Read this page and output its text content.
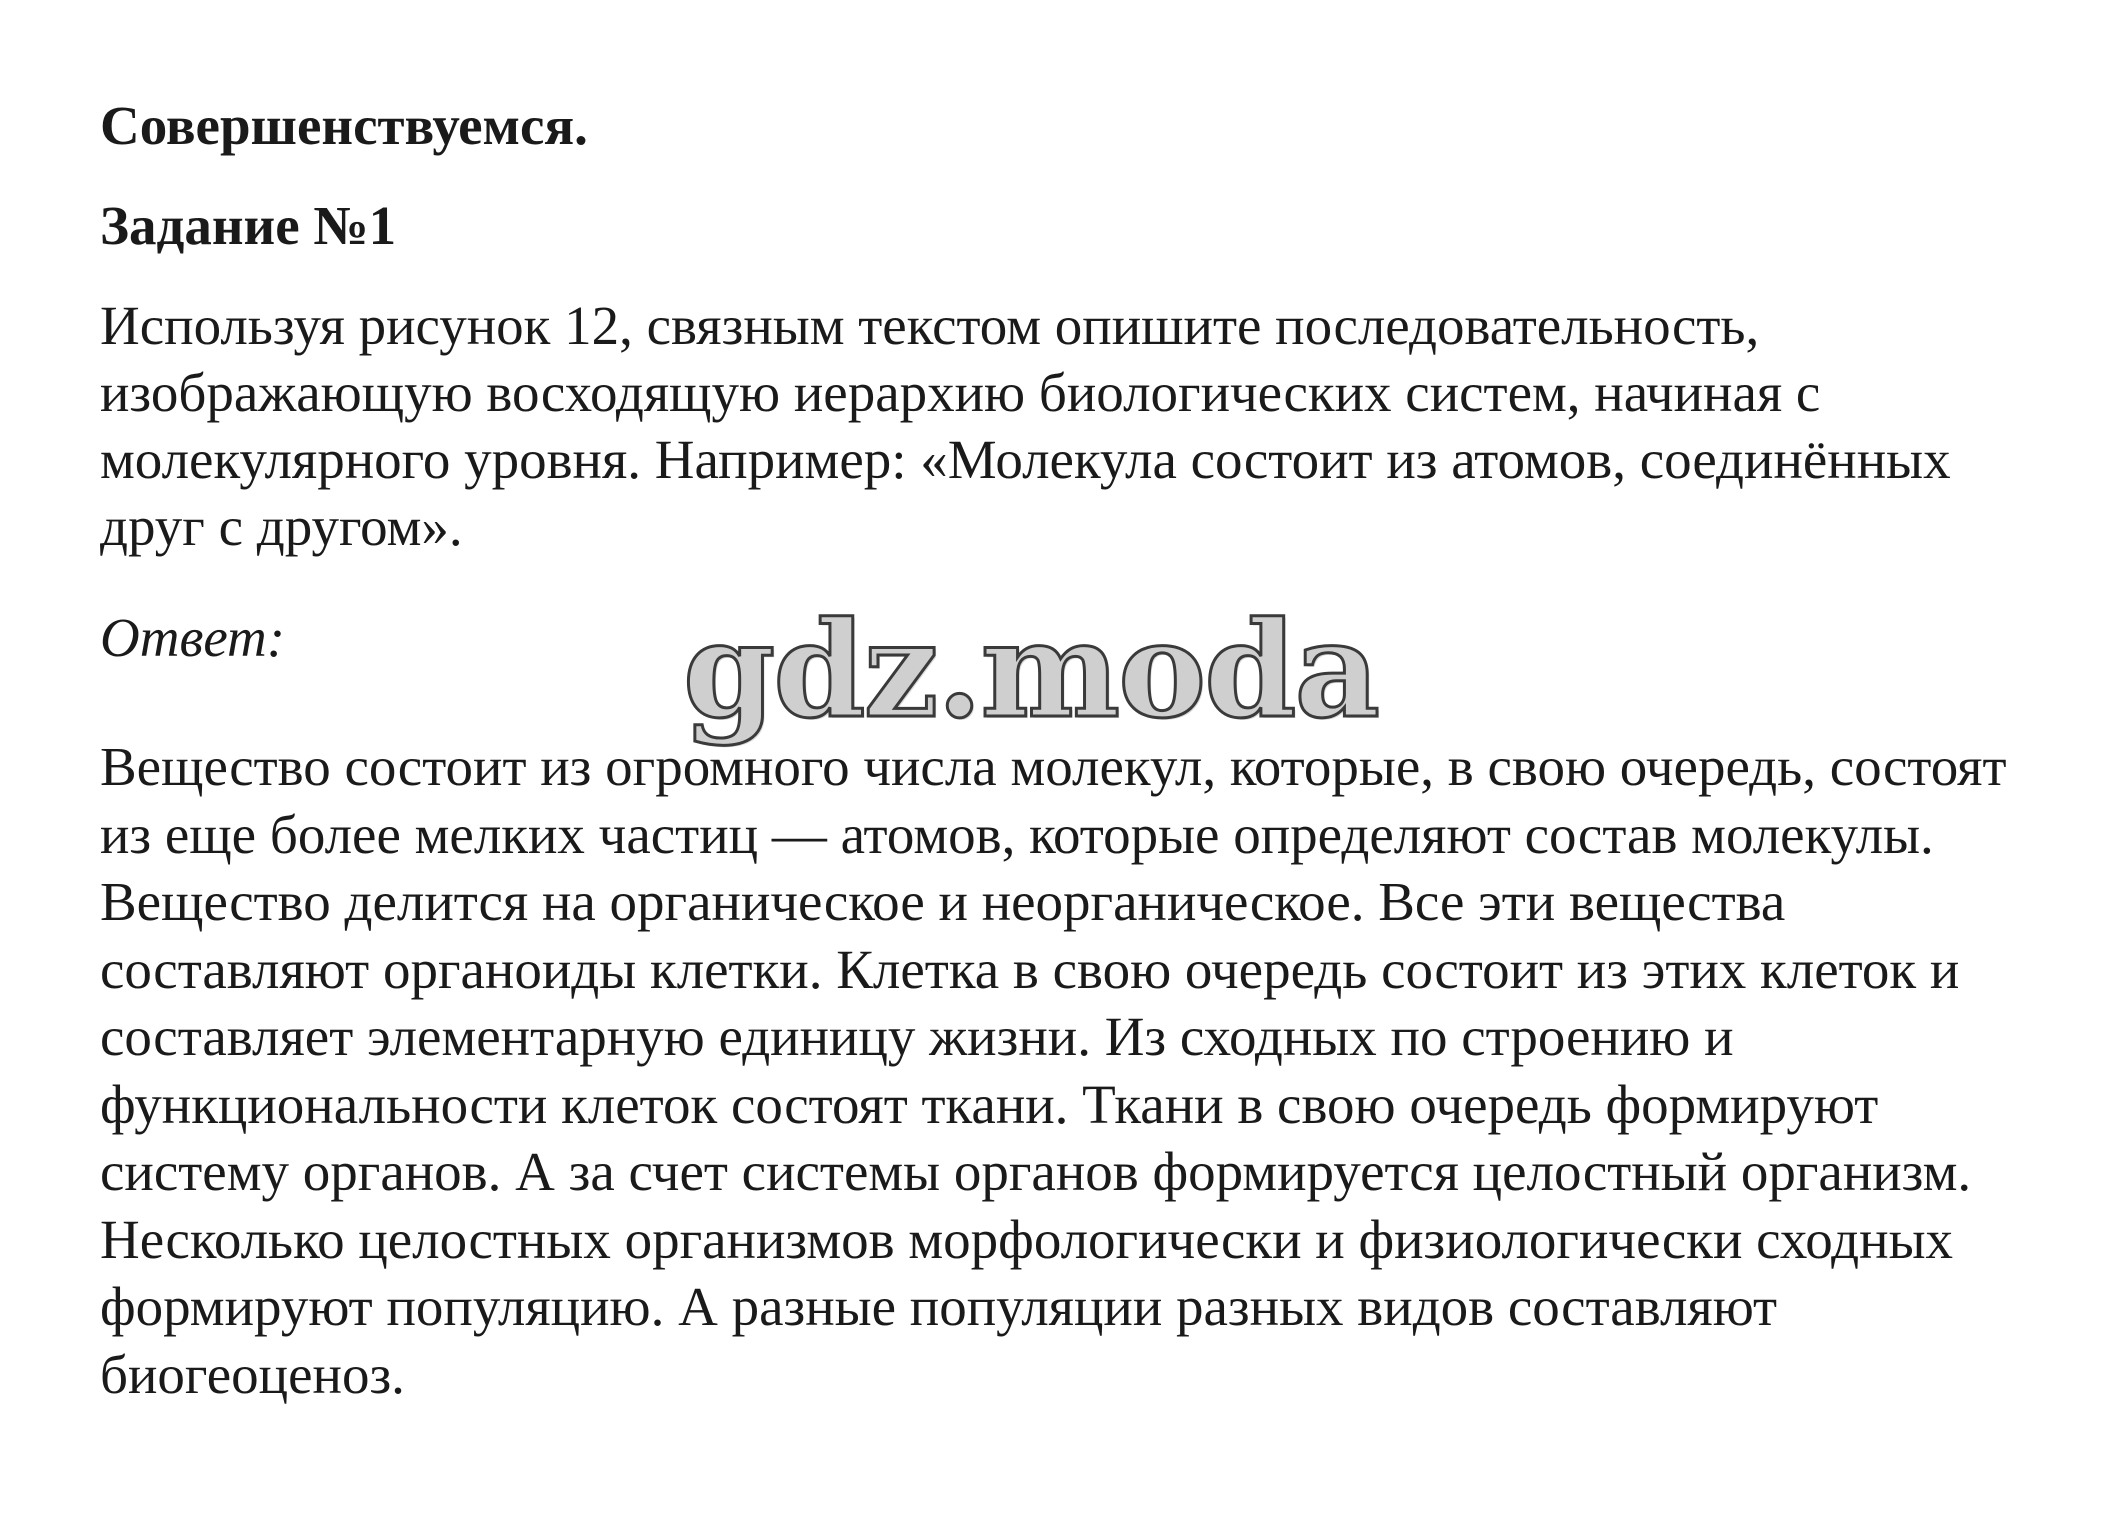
Совершенствуемся.
Задание №1

Используя рисунок 12, связным текстом опишите последовательность, изображающую восходящую иерархию биологических систем, начиная с молекулярного уровня. Например: «Молекула состоит из атомов, соединённых друг с другом».

Ответ:

Вещество состоит из огромного числа молекул, которые, в свою очередь, состоят из еще более мелких частиц — атомов, которые определяют состав молекулы. Вещество делится на органическое и неорганическое. Все эти вещества составляют органоиды клетки. Клетка в свою очередь состоит из этих клеток и составляет элементарную единицу жизни. Из сходных по строению и функциональности клеток состоят ткани. Ткани в свою очередь формируют систему органов. А за счет системы органов формируется целостный организм. Несколько целостных организмов морфологически и физиологически сходных формируют популяцию. А разные популяции разных видов составляют биогеоценоз.

gdz.moda
